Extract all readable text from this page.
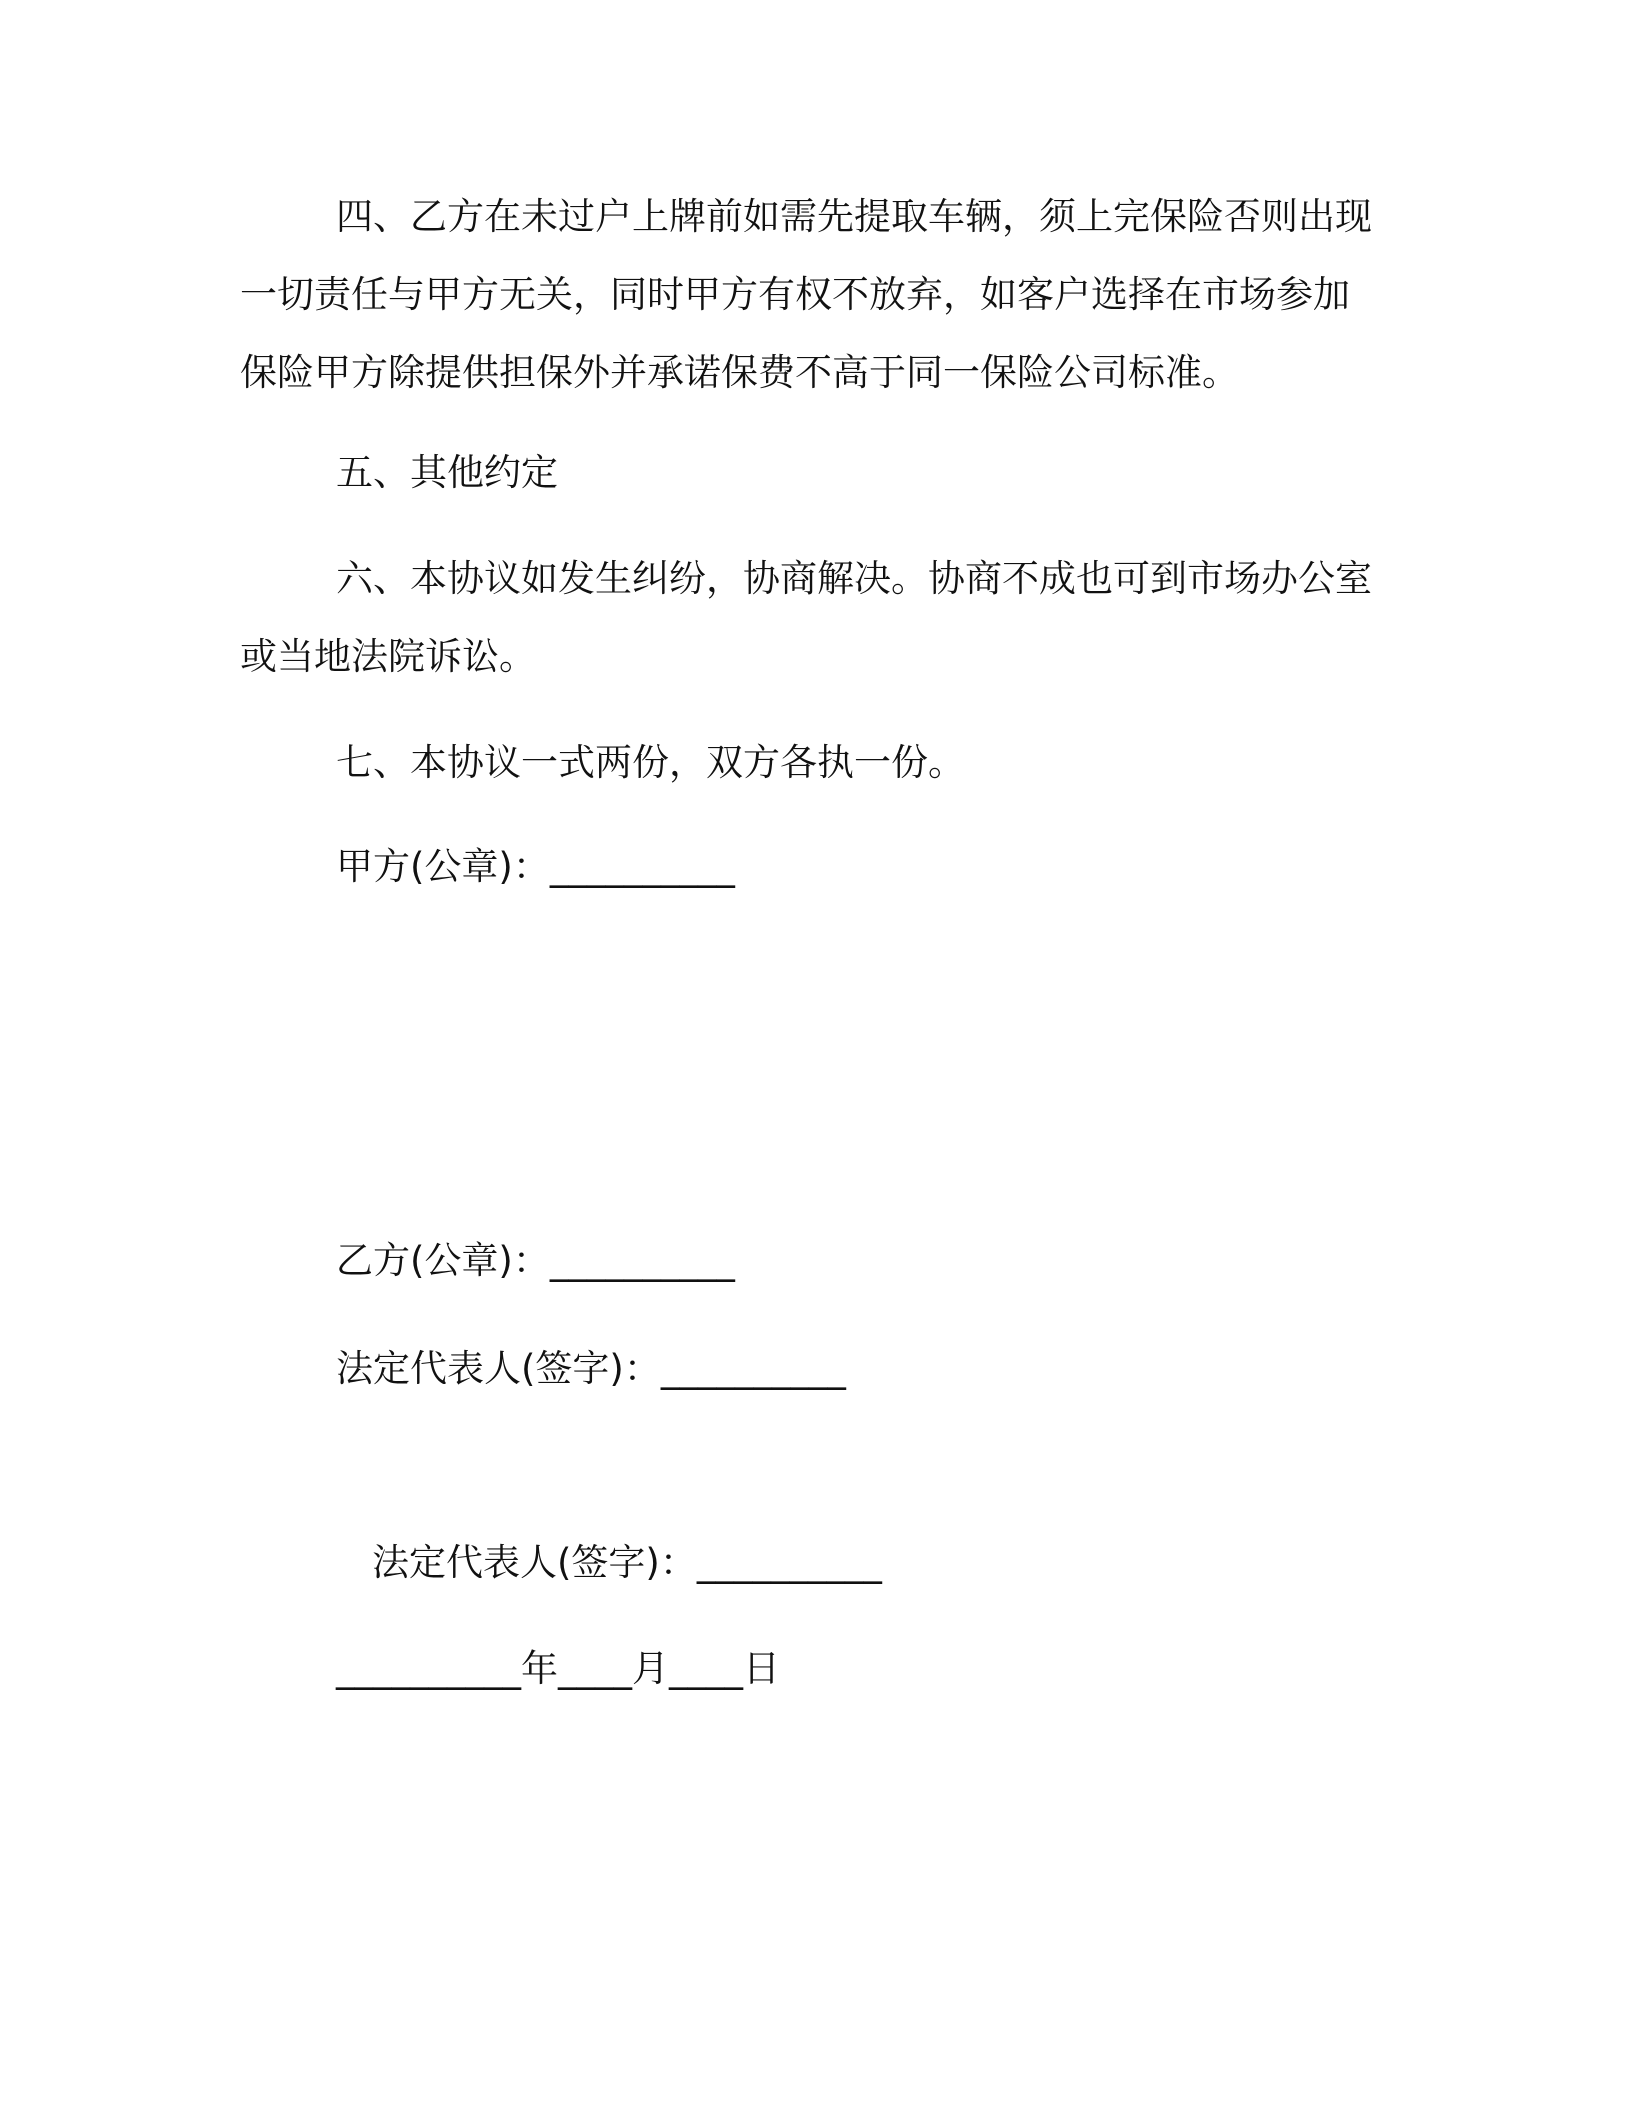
四、乙方在未过户上牌前如需先提取车辆，须上完保险否则出现一切责任与甲方无关，同时甲方有权不放弃，如客户选择在市场参加保险甲方除提供担保外并承诺保费不高于同一保险公司标准。

五、其他约定

六、本协议如发生纠纷，协商解决。协商不成也可到市场办公室或当地法院诉讼。

七、本协议一式两份，双方各执一份。

甲方(公章)：__________

乙方(公章)：__________

法定代表人(签字)：__________

法定代表人(签字)：__________

__________年____月____日
